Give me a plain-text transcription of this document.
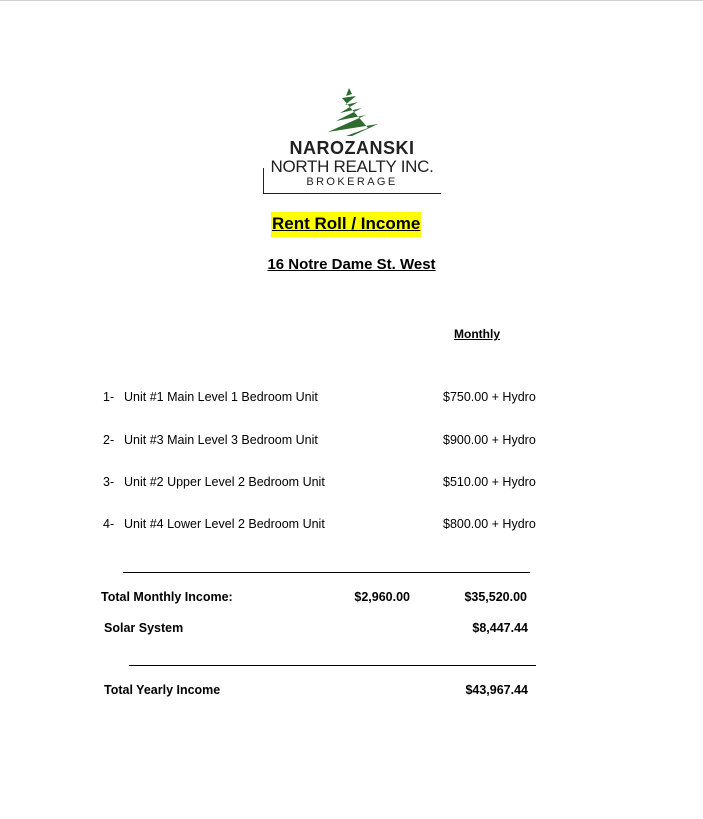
NAROZANSKI
NORTH REALTY INC.
BROKERAGE
Rent Roll / Income
16 Notre Dame St. West
Monthly
1- Unit #1 Main Level 1 Bedroom Unit	$750.00 + Hydro
2- Unit #3 Main Level 3 Bedroom Unit	$900.00 + Hydro
3- Unit #2 Upper Level 2 Bedroom Unit	$510.00 + Hydro
4- Unit #4 Lower Level 2 Bedroom Unit	$800.00 + Hydro
Total Monthly Income:	$2,960.00	$35,520.00
Solar System	$8,447.44
Total Yearly Income	$43,967.44
